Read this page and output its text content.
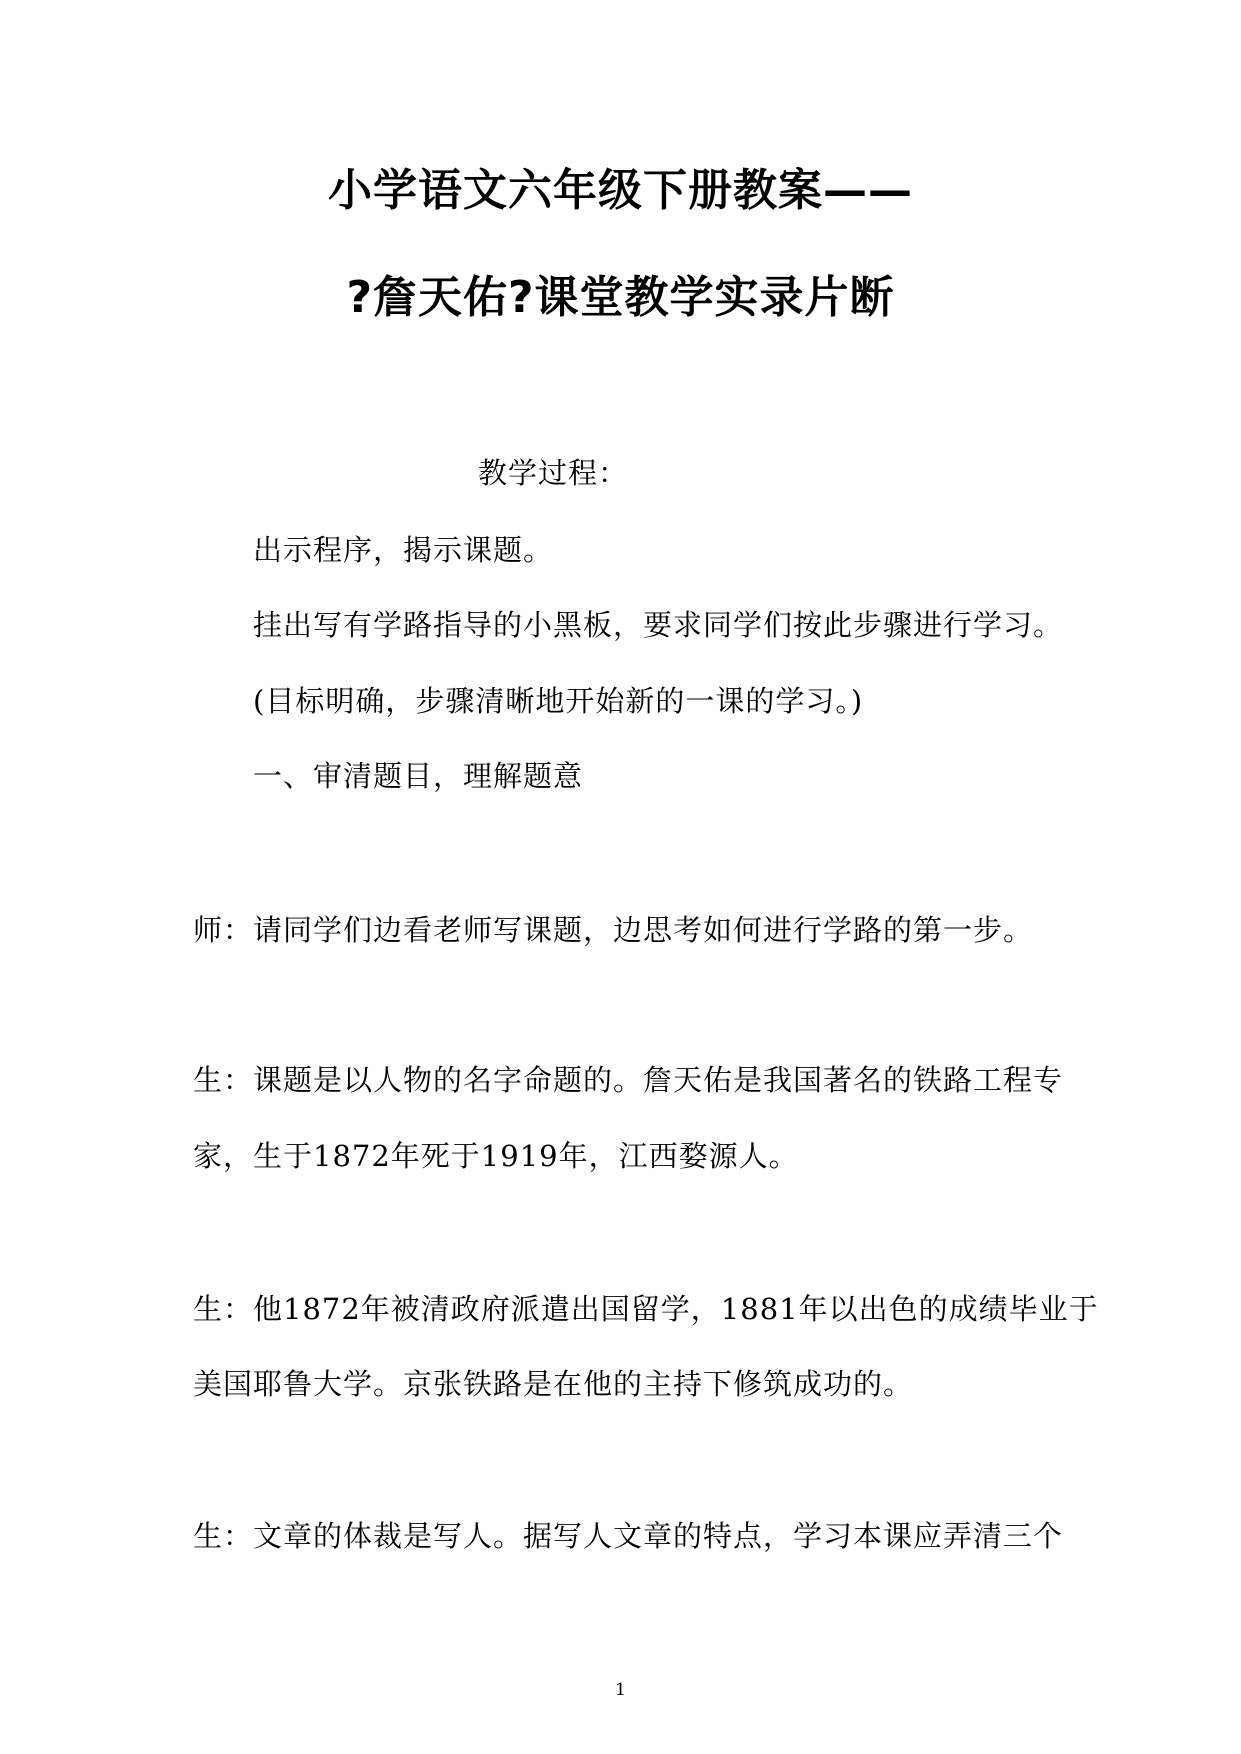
小学语文六年级下册教案——
?詹天佑?课堂教学实录片断
教学过程：
出示程序，揭示课题。
挂出写有学路指导的小黑板，要求同学们按此步骤进行学习。
(目标明确，步骤清晰地开始新的一课的学习。)
一、审清题目，理解题意
师：请同学们边看老师写课题，边思考如何进行学路的第一步。
生：课题是以人物的名字命题的。詹天佑是我国著名的铁路工程专
家，生于1872年死于1919年，江西婺源人。
生：他1872年被清政府派遣出国留学，1881年以出色的成绩毕业于
美国耶鲁大学。京张铁路是在他的主持下修筑成功的。
生：文章的体裁是写人。据写人文章的特点，学习本课应弄清三个
1
